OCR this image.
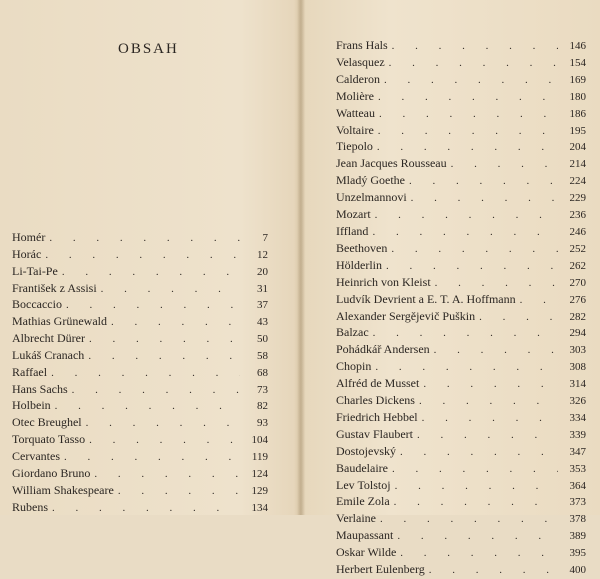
OBSAH
Homér . . .	7
Horác . . .	12
Li-Tai-Pe . . .	20
František z Assisi . . .	31
Boccaccio . . .	37
Mathias Grünewald . . .	43
Albrecht Dürer . . .	50
Lukáš Cranach . . .	58
Raffael . . .	68
Hans Sachs . . .	73
Holbein . . .	82
Otec Breughel . . .	93
Torquato Tasso . . .	104
Cervantes . . .	119
Giordano Bruno . . .	124
William Shakespeare . . .	129
Rubens . . .	134
Frans Hals . . .	146
Velasquez . . .	154
Calderon . . .	169
Molière . . .	180
Watteau . . .	186
Voltaire . . .	195
Tiepolo . . .	204
Jean Jacques Rousseau . . .	214
Mladý Goethe . . .	224
Unzelmannovi . . .	229
Mozart . . .	236
Iffland . . .	246
Beethoven . . .	252
Hölderlin . . .	262
Heinrich von Kleist . . .	270
Ludvík Devrient a E. T. A. Hoffmann . . .	276
Alexander Sergějevič Puškin . . .	282
Balzac . . .	294
Pohádkář Andersen . . .	303
Chopin . . .	308
Alfréd de Musset . . .	314
Charles Dickens . . .	326
Friedrich Hebbel . . .	334
Gustav Flaubert . . .	339
Dostojevský . . .	347
Baudelaire . . .	353
Lev Tolstoj . . .	364
Emile Zola . . .	373
Verlaine . . .	378
Maupassant . . .	389
Oskar Wilde . . .	395
Herbert Eulenberg . . .	400
